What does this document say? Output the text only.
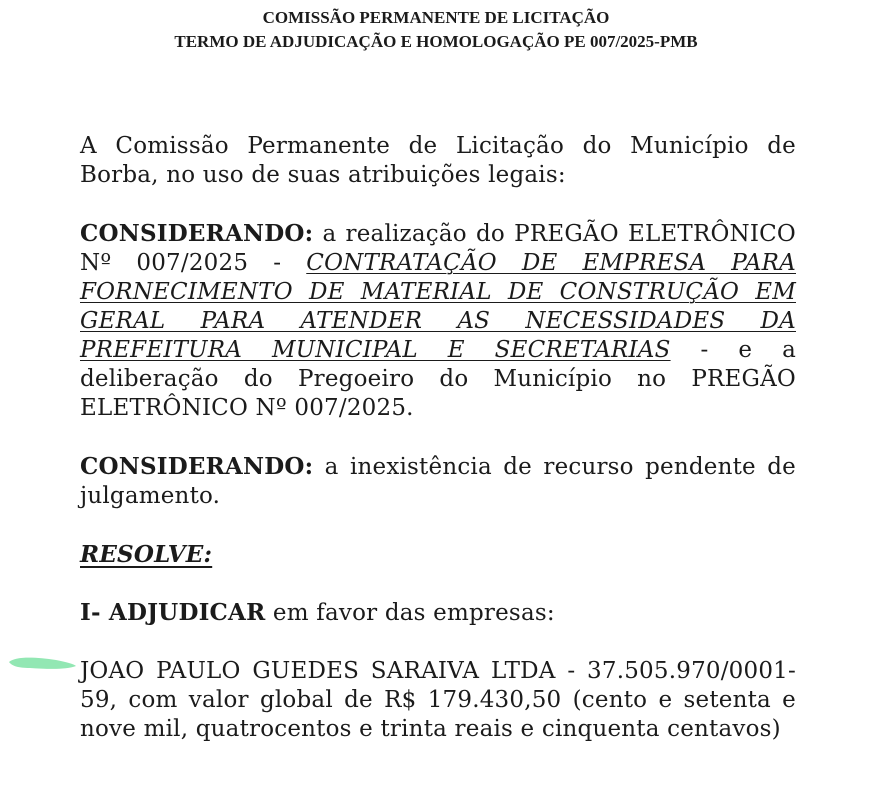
COMISSÃO PERMANENTE DE LICITAÇÃO
TERMO DE ADJUDICAÇÃO E HOMOLOGAÇÃO PE 007/2025-PMB

A Comissão Permanente de Licitação do Município de Borba, no uso de suas atribuições legais:

CONSIDERANDO: a realização do PREGÃO ELETRÔNICO Nº 007/2025 - CONTRATAÇÃO DE EMPRESA PARA FORNECIMENTO DE MATERIAL DE CONSTRUÇÃO EM GERAL PARA ATENDER AS NECESSIDADES DA PREFEITURA MUNICIPAL E SECRETARIAS - e a deliberação do Pregoeiro do Município no PREGÃO ELETRÔNICO Nº 007/2025.

CONSIDERANDO: a inexistência de recurso pendente de julgamento.

RESOLVE:

I- ADJUDICAR em favor das empresas:

JOAO PAULO GUEDES SARAIVA LTDA - 37.505.970/0001-59, com valor global de R$ 179.430,50 (cento e setenta e nove mil, quatrocentos e trinta reais e cinquenta centavos)
